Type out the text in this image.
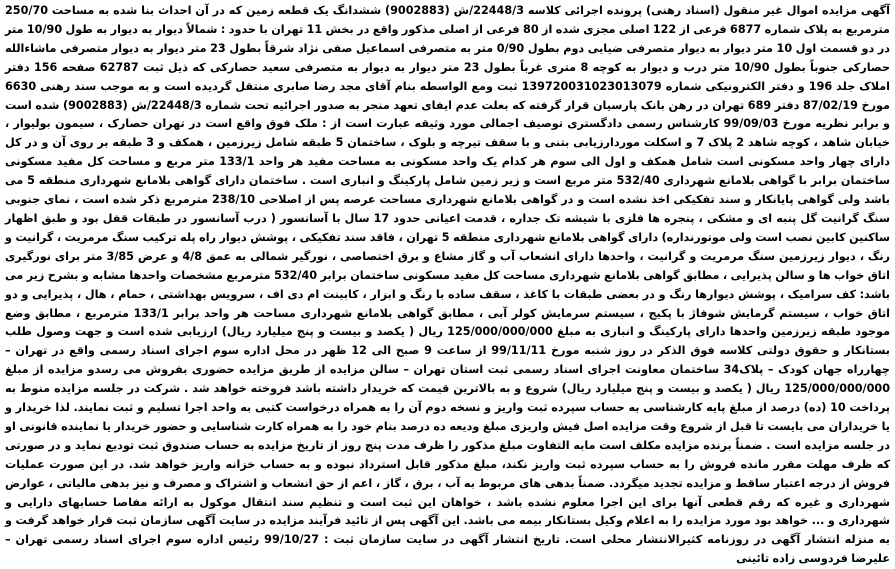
آگهی مزایده اموال غیر منقول (اسناد رهنی) پرونده اجرائی کلاسه 22448/3/ش (9002883) ششدانگ یک قطعه زمین که در آن احداث بنا شده به مساحت 250/70 مترمربع به پلاک شماره 6877 فرعی از 122 اصلی مجزی شده از 80 فرعی از اصلی مذکور واقع در بخش 11 تهران با حدود : شمالاً دیوار به دیوار به طول 10/90 متر در دو قسمت اول 10 متر دیوار به دیوار متصرفی ضیایی دوم بطول 0/90 متر به متصرفی اسماعیل صفی نژاد شرقاً بطول 23 متر دیوار به دیوار متصرفی ماشاءالله حصارکی جنوباً بطول 10/90 متر درب و دیوار به کوچه 8 متری غرباً بطول 23 متر دیوار به دیوار به متصرفی سعید حصارکی که ذیل ثبت 62787 صفحه 156 دفتر املاک جلد 196 و دفتر الکترونیکی شماره 139720031023013079 ثبت ومع الواسطه بنام آقای مجد رضا صابری منتقل گردیده است و به موجب سند رهنی 6630 مورخ 87/02/19 دفتر 689 تهران در رهن بانک پارسیان قرار گرفته که بعلت عدم ایفای تعهد منجر به صدور اجرائیه تحت شماره 22448/3/ش (9002883) شده است و برابر نظریه مورخ 99/09/03 کارشناس رسمی دادگستری توصیف اجمالی مورد وثیقه عبارت است از : ملک فوق واقع است در تهران حصارک ، سیمون بولیوار ، خیابان شاهد ، کوچه شاهد 2 پلاک 7 و اسکلت موردارزیابی بتنی و با سقف تیرچه و بلوک ، ساختمان 5 طبقه شامل زیرزمین ، همکف و 3 طبقه بر روی آن و در کل دارای چهار واحد مسکونی است شامل همکف و اول الی سوم هر کدام یک واحد مسکونی به مساحت مفید هر واحد 133/1 متر مربع و مساحت کل مفید مسکونی ساختمان برابر با گواهی بلامانع شهرداری 532/40 متر مربع است و زیر زمین شامل پارکینگ و انباری است . ساختمان دارای گواهی بلامانع شهرداری منطقه 5 می باشد ولی گواهی پایانکار و سند تفکیکی اخذ نشده است و در گواهی بلامانع شهرداری مساحت عرصه پس از اصلاحی 238/10 مترمربع ذکر شده است ، نمای جنوبی سنگ گرانیت گل پنبه ای و مشکی ، پنجره ها فلزی با شیشه تک جداره ، قدمت اعیانی حدود 17 سال با آسانسور ( درب آسانسور در طبقات قفل بود و طبق اظهار ساکنین کابین نصب است ولی موتورنداره) دارای گواهی بلامانع شهرداری منطقه 5 تهران ، فاقد سند تفکیکی ، پوشش دیوار راه پله ترکیب سنگ مرمریت ، گرانیت و رنگ ، دیوار زیرزمین سنگ مرمریت و گرانیت ، واحدها دارای انشعاب آب و گاز مشاع و برق اختصاصی ، نورگیر شمالی به عمق 4/8 و عرض 3/85 متر برای نورگیری اتاق خواب ها و سالن پذیرایی ، مطابق گواهی بلامانع شهرداری مساحت کل مفید مسکونی ساختمان برابر 532/40 مترمربع مشخصات واحدها مشابه و بشرح زیر می باشد: کف سرامیک ، پوشش دیوارها رنگ و در بعضی طبقات با کاغذ ، سقف ساده با رنگ و ابزار ، کابینت ام دی اف ، سرویس بهداشتی ، حمام ، هال ، پذیرایی و دو اتاق خواب ، سیستم گرمایش شوفاژ با پکیج ، سیستم سرمایش کولر آبی ، مطابق گواهی بلامانع شهرداری مساحت هر واحد برابر 133/1 مترمربع ، مطابق وضع موجود طبقه زیرزمین واحدها دارای پارکینگ و انباری به مبلغ 125/000/000/000 ریال ( یکصد و بیست و پنج میلیارد ریال) ارزیابی شده است و جهت وصول طلب بستانکار و حقوق دولتی کلاسه فوق الذکر در روز شنبه مورخ 99/11/11 از ساعت 9 صبح الی 12 ظهر در محل اداره سوم اجرای اسناد رسمی واقع در تهران – چهارراه جهان کودک – پلاک34 ساختمان معاونت اجرای اسناد رسمی ثبت استان تهران – سالن مزایده از طریق مزایده حضوری بفروش می رسدو مزایده از مبلغ 125/000/000/000 ریال ( یکصد و بیست و پنج میلیارد ریال) شروع و به بالاترین قیمت که خریدار داشته باشد فروخته خواهد شد . شرکت در جلسه مزایده منوط به پرداخت 10 (ده) درصد از مبلغ پایه کارشناسی به حساب سپرده ثبت واریز و نسخه دوم آن را به همراه درخواست کتبی به واحد اجرا تسلیم و ثبت نمایند. لذا خریدار و یا خریداران می بایست تا قبل از شروع وقت مزایده اصل فیش واریزی مبلغ ودیعه ده درصد بنام خود را به همراه کارت شناسایی و حضور خریدار یا نماینده قانونی او در جلسه مزایده است . ضمناً برنده مزایده مکلف است مابه التفاوت مبلغ مذکور را ظرف مدت پنج روز از تاریخ مزایده به حساب صندوق ثبت تودیع نماید و در صورتی که ظرف مهلت مقرر مانده فروش را به حساب سپرده ثبت واریز نکند، مبلغ مذکور قابل استرداد نبوده و به حساب خزانه واریز خواهد شد. در این صورت عملیات فروش از درجه اعتبار ساقط و مزایده تجدید میگردد. ضمناً بدهی های مربوط به آب ، برق ، گاز ، اعم از حق انشعاب و اشتراک و مصرف و نیز بدهی مالیاتی ، عوارض شهرداری و غیره که رقم قطعی آنها برای این اجرا معلوم نشده باشد ، خواهان این ثبت است و تنظیم سند انتقال موکول به ارائه مفاصا حسابهای دارایی و شهرداری و ... خواهد بود مورد مزایده را به اعلام وکیل بستانکار بیمه می باشد. این آگهی پس از تائید فرآیند مزایده در سایت آگهی سازمان ثبت قرار خواهد گرفت و به منزله انتشار آگهی در روزنامه کثیرالانتشار محلی است. تاریخ انتشار آگهی در سایت سازمان ثبت : 99/10/27 رئیس اداره سوم اجرای اسناد رسمی تهران – علیرضا فردوسی زاده تائینی
